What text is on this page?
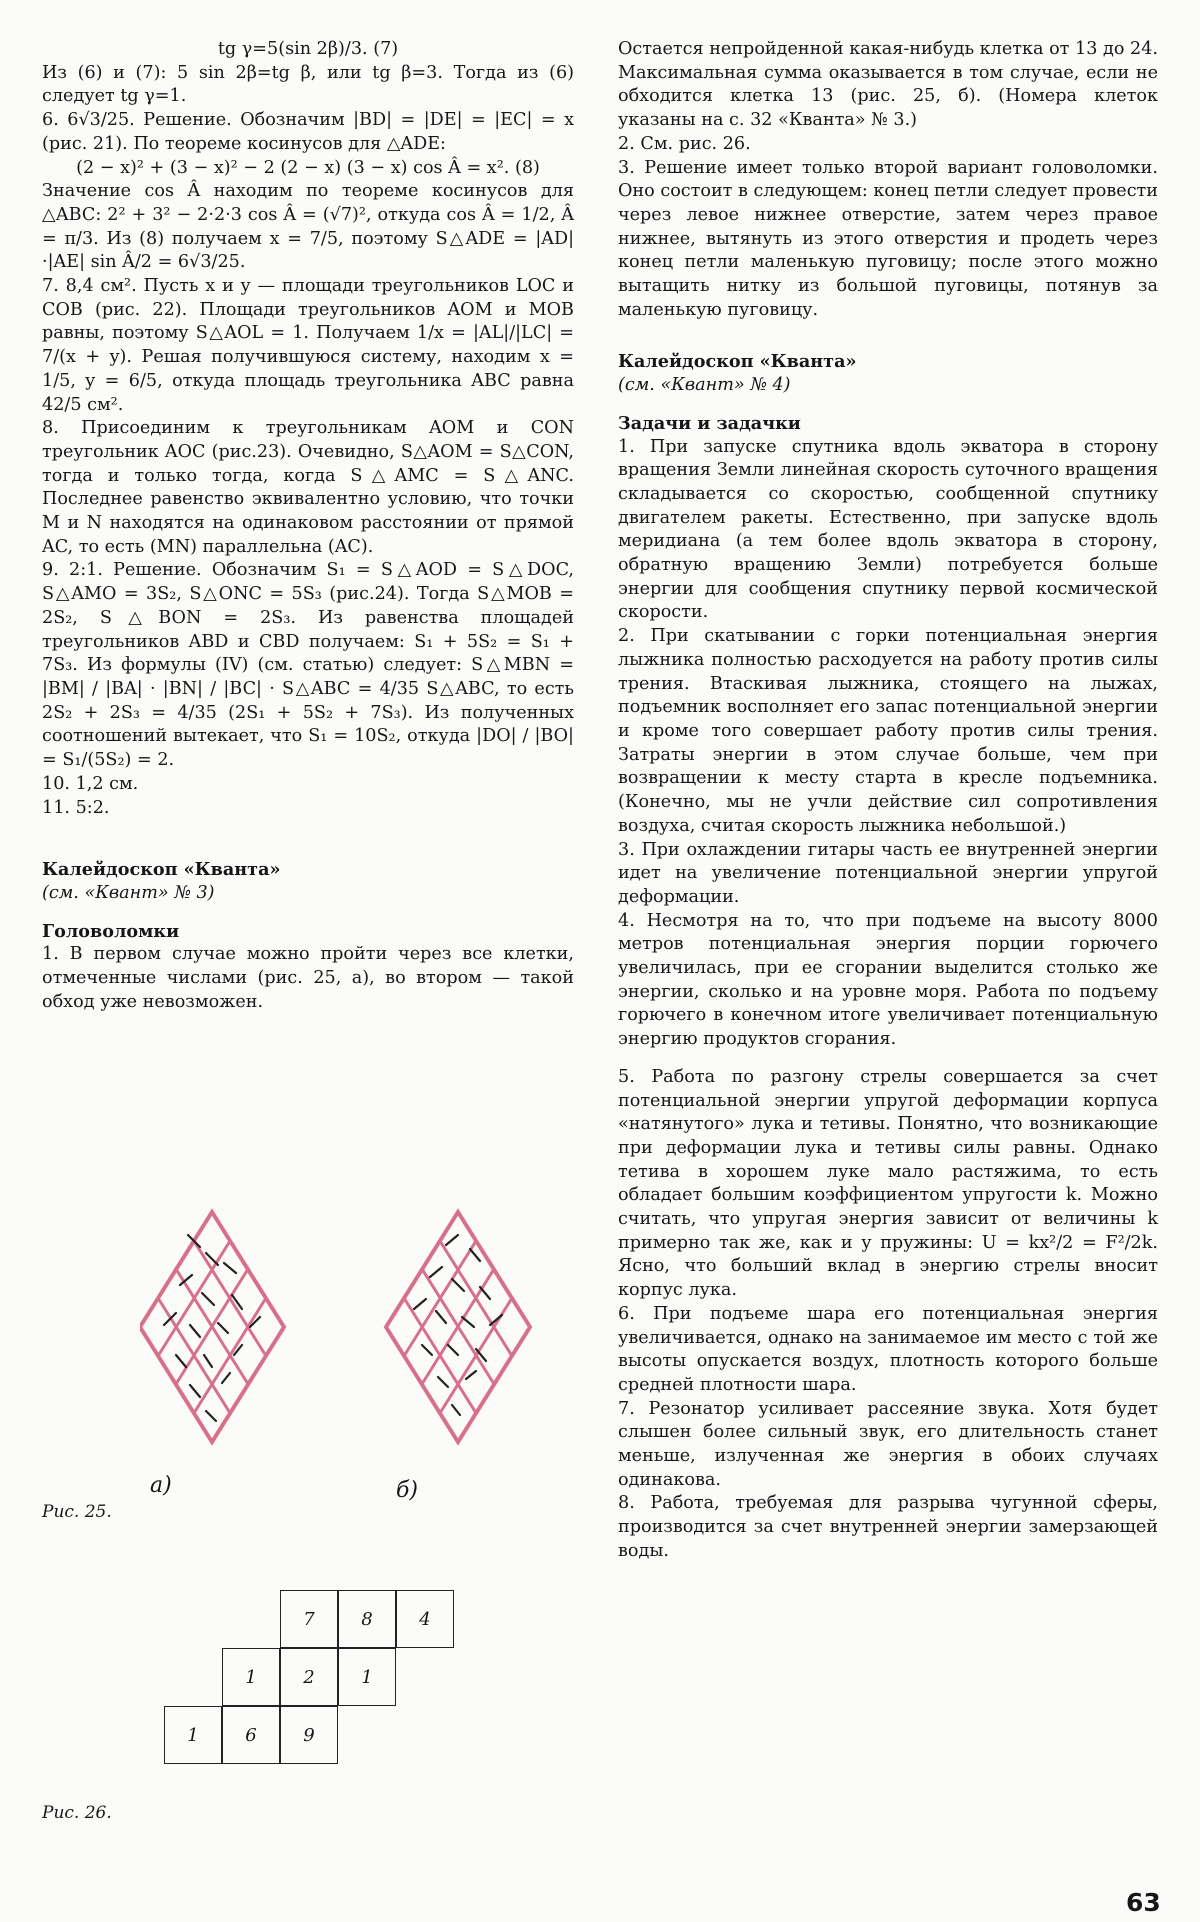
tg γ=5(sin 2β)/3. (7)

Из (6) и (7): 5 sin 2β=tg β, или tg β=3. Тогда из (6) следует tg γ=1.

6. 6√3/25. Решение. Обозначим |BD| = |DE| = |EC| = x (рис. 21). По теореме косинусов для △ADE:

(2 − x)² + (3 − x)² − 2 (2 − x) (3 − x) cos Â = x². (8)

Значение cos Â находим по теореме косинусов для △ABC: 2² + 3² − 2·2·3 cos Â = (√7)², откуда cos Â = 1/2, Â = π/3. Из (8) получаем x = 7/5, поэтому S△ADE = |AD|·|AE| sin Â/2 = 6√3/25.

7. 8,4 см². Пусть x и y — площади треугольников LOC и COB (рис. 22). Площади треугольников AOM и MOB равны, поэтому S△AOL = 1. Получаем 1/x = |AL|/|LC| = 7/(x + y). Решая получившуюся систему, находим x = 1/5, y = 6/5, откуда площадь треугольника ABC равна 42/5 см².

8. Присоединим к треугольникам AOM и CON треугольник AOC (рис.23). Очевидно, S△AOM = S△CON, тогда и только тогда, когда S△AMC = S△ANC. Последнее равенство эквивалентно условию, что точки M и N находятся на одинаковом расстоянии от прямой AC, то есть (MN) параллельна (AC).

9. 2:1. Решение. Обозначим S₁ = S△AOD = S△DOC, S△AMO = 3S₂, S△ONC = 5S₃ (рис.24). Тогда S△MOB = 2S₂, S△BON = 2S₃. Из равенства площадей треугольников ABD и CBD получаем: S₁ + 5S₂ = S₁ + 7S₃. Из формулы (IV) (см. статью) следует: S△MBN = |BM| / |BA| · |BN| / |BC| · S△ABC = 4/35 S△ABC, то есть 2S₂ + 2S₃ = 4/35 (2S₁ + 5S₂ + 7S₃). Из полученных соотношений вытекает, что S₁ = 10S₂, откуда |DO| / |BO| = S₁/(5S₂) = 2.

10. 1,2 см.

11. 5:2.

Калейдоскоп «Кванта»

(см. «Квант» № 3)

Головоломки

1. В первом случае можно пройти через все клетки, отмеченные числами (рис. 25, а), во втором — такой обход уже невозможен.

а)	б)
Рис. 25.
7	8	4
1	2	1
1	6	9
Рис. 26.

Остается непройденной какая-нибудь клетка от 13 до 24. Максимальная сумма оказывается в том случае, если не обходится клетка 13 (рис. 25, б). (Номера клеток указаны на с. 32 «Кванта» № 3.)

2. См. рис. 26.

3. Решение имеет только второй вариант головоломки. Оно состоит в следующем: конец петли следует провести через левое нижнее отверстие, затем через правое нижнее, вытянуть из этого отверстия и продеть через конец петли маленькую пуговицу; после этого можно вытащить нитку из большой пуговицы, потянув за маленькую пуговицу.

Калейдоскоп «Кванта»

(см. «Квант» № 4)

Задачи и задачки

1. При запуске спутника вдоль экватора в сторону вращения Земли линейная скорость суточного вращения складывается со скоростью, сообщенной спутнику двигателем ракеты. Естественно, при запуске вдоль меридиана (а тем более вдоль экватора в сторону, обратную вращению Земли) потребуется больше энергии для сообщения спутнику первой космической скорости.

2. При скатывании с горки потенциальная энергия лыжника полностью расходуется на работу против силы трения. Втаскивая лыжника, стоящего на лыжах, подъемник восполняет его запас потенциальной энергии и кроме того совершает работу против силы трения. Затраты энергии в этом случае больше, чем при возвращении к месту старта в кресле подъемника. (Конечно, мы не учли действие сил сопротивления воздуха, считая скорость лыжника небольшой.)

3. При охлаждении гитары часть ее внутренней энергии идет на увеличение потенциальной энергии упругой деформации.

4. Несмотря на то, что при подъеме на высоту 8000 метров потенциальная энергия порции горючего увеличилась, при ее сгорании выделится столько же энергии, сколько и на уровне моря. Работа по подъему горючего в конечном итоге увеличивает потенциальную энергию продуктов сгорания.

5. Работа по разгону стрелы совершается за счет потенциальной энергии упругой деформации корпуса «натянутого» лука и тетивы. Понятно, что возникающие при деформации лука и тетивы силы равны. Однако тетива в хорошем луке мало растяжима, то есть обладает большим коэффициентом упругости k. Можно считать, что упругая энергия зависит от величины k примерно так же, как и у пружины: U = kx²/2 = F²/2k. Ясно, что больший вклад в энергию стрелы вносит корпус лука.

6. При подъеме шара его потенциальная энергия увеличивается, однако на занимаемое им место с той же высоты опускается воздух, плотность которого больше средней плотности шара.

7. Резонатор усиливает рассеяние звука. Хотя будет слышен более сильный звук, его длительность станет меньше, излученная же энергия в обоих случаях одинакова.

8. Работа, требуемая для разрыва чугунной сферы, производится за счет внутренней энергии замерзающей воды.

63
